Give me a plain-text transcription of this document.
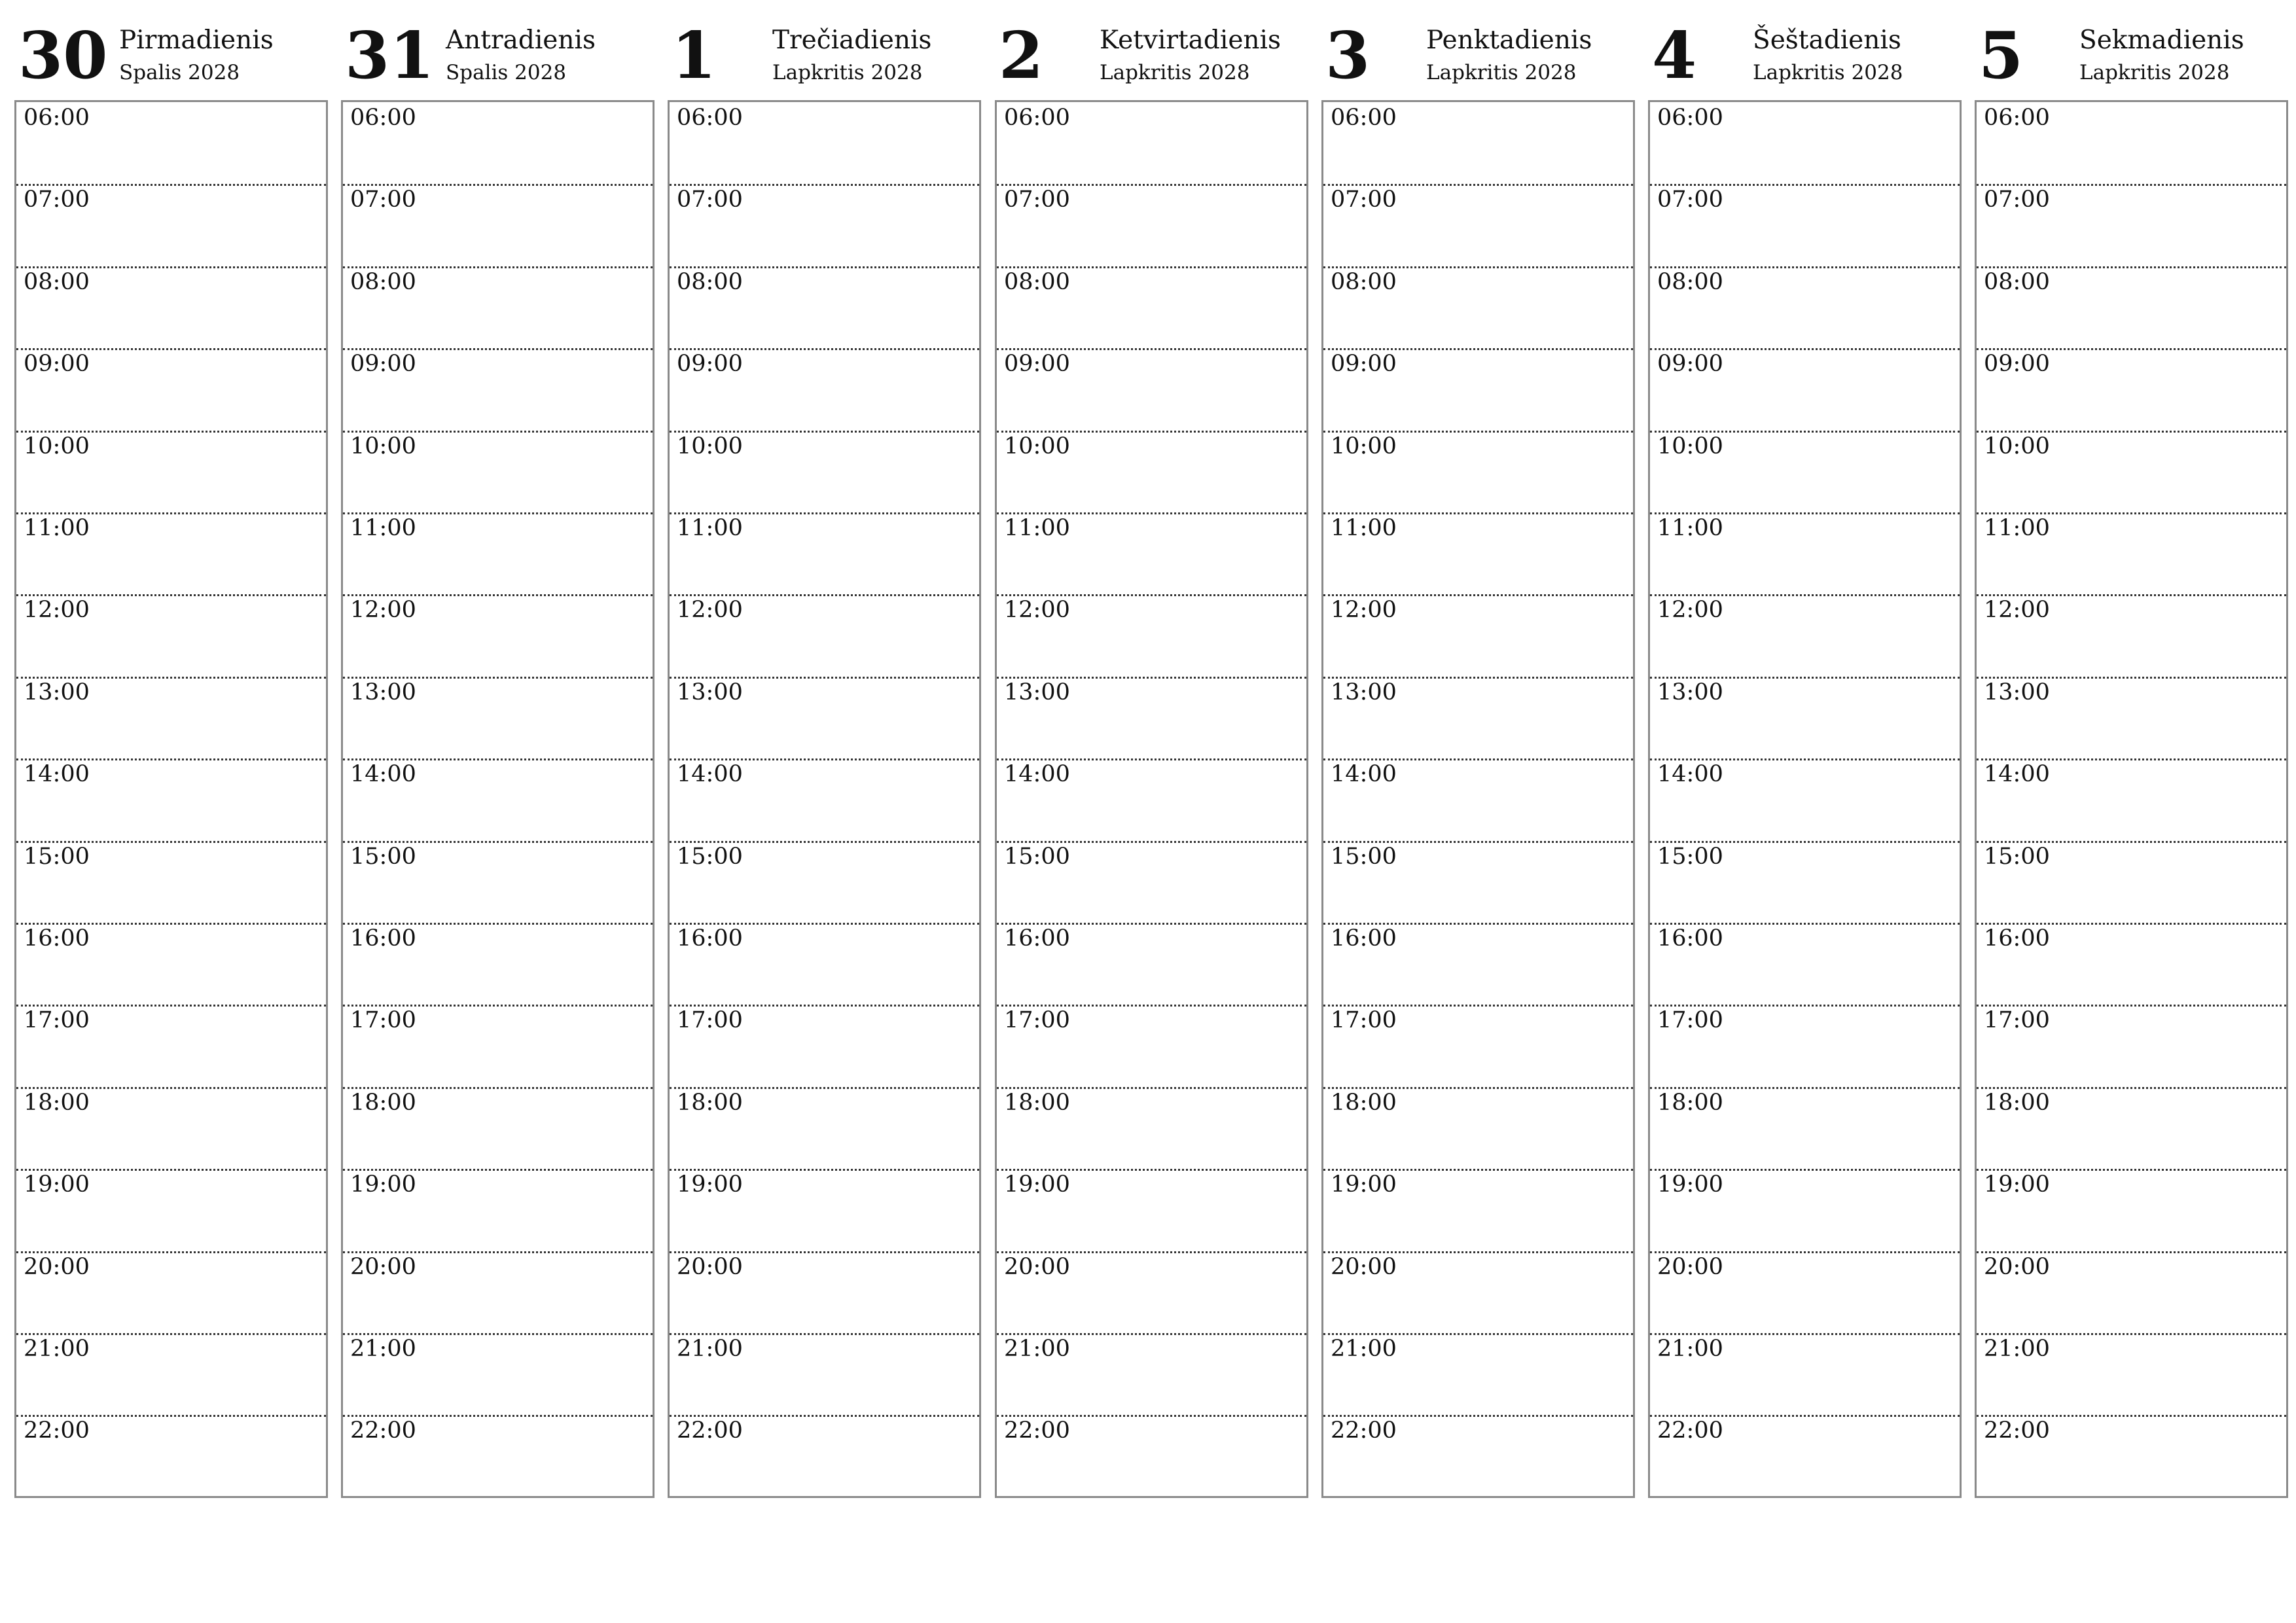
30 Pirmadienis
Spalis 2028
06:00
07:00
08:00
09:00
10:00
11:00
12:00
13:00
14:00
15:00
16:00
17:00
18:00
19:00
20:00
21:00
22:00
31 Antradienis
Spalis 2028
06:00
07:00
08:00
09:00
10:00
11:00
12:00
13:00
14:00
15:00
16:00
17:00
18:00
19:00
20:00
21:00
22:00
1 Trečiadienis
Lapkritis 2028
06:00
07:00
08:00
09:00
10:00
11:00
12:00
13:00
14:00
15:00
16:00
17:00
18:00
19:00
20:00
21:00
22:00
2 Ketvirtadienis
Lapkritis 2028
06:00
07:00
08:00
09:00
10:00
11:00
12:00
13:00
14:00
15:00
16:00
17:00
18:00
19:00
20:00
21:00
22:00
3 Penktadienis
Lapkritis 2028
06:00
07:00
08:00
09:00
10:00
11:00
12:00
13:00
14:00
15:00
16:00
17:00
18:00
19:00
20:00
21:00
22:00
4 Šeštadienis
Lapkritis 2028
06:00
07:00
08:00
09:00
10:00
11:00
12:00
13:00
14:00
15:00
16:00
17:00
18:00
19:00
20:00
21:00
22:00
5 Sekmadienis
Lapkritis 2028
06:00
07:00
08:00
09:00
10:00
11:00
12:00
13:00
14:00
15:00
16:00
17:00
18:00
19:00
20:00
21:00
22:00
